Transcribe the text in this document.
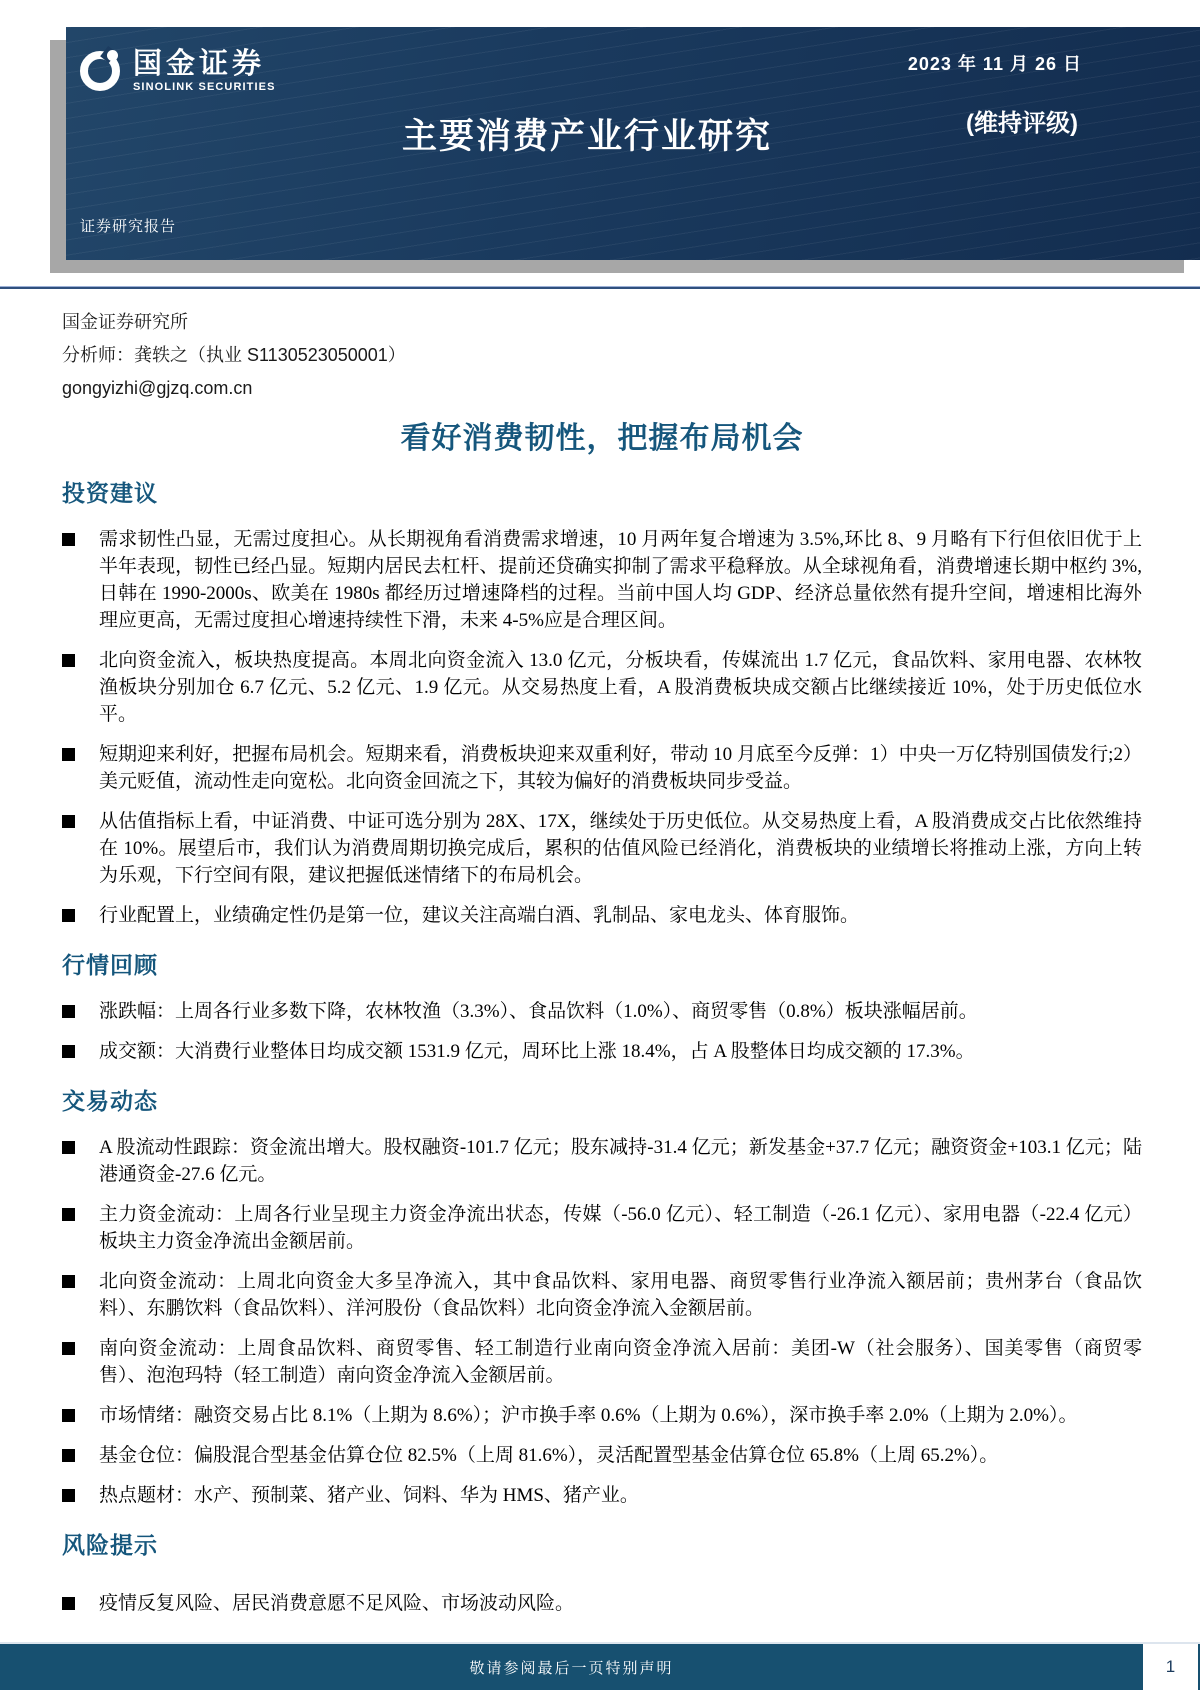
国金证券
SINOLINK SECURITIES
2023 年 11 月 26 日
主要消费产业行业研究	(维持评级)
证券研究报告
国金证券研究所
分析师：龚轶之（执业 S1130523050001）
gongyizhi@gjzq.com.cn
看好消费韧性，把握布局机会
投资建议
需求韧性凸显，无需过度担心。从长期视角看消费需求增速，10 月两年复合增速为 3.5%,环比 8、9 月略有下行但依旧优于上半年表现，韧性已经凸显。短期内居民去杠杆、提前还贷确实抑制了需求平稳释放。从全球视角看，消费增速长期中枢约 3%, 日韩在 1990-2000s、欧美在 1980s 都经历过增速降档的过程。当前中国人均 GDP、经济总量依然有提升空间，增速相比海外理应更高，无需过度担心增速持续性下滑，未来 4-5%应是合理区间。
北向资金流入，板块热度提高。本周北向资金流入 13.0 亿元，分板块看，传媒流出 1.7 亿元，食品饮料、家用电器、农林牧渔板块分别加仓 6.7 亿元、5.2 亿元、1.9 亿元。从交易热度上看，A 股消费板块成交额占比继续接近 10%，处于历史低位水平。
短期迎来利好，把握布局机会。短期来看，消费板块迎来双重利好，带动 10 月底至今反弹：1）中央一万亿特别国债发行;2）美元贬值，流动性走向宽松。北向资金回流之下，其较为偏好的消费板块同步受益。
从估值指标上看，中证消费、中证可选分别为 28X、17X，继续处于历史低位。从交易热度上看，A 股消费成交占比依然维持在 10%。展望后市，我们认为消费周期切换完成后，累积的估值风险已经消化，消费板块的业绩增长将推动上涨，方向上转为乐观，下行空间有限，建议把握低迷情绪下的布局机会。
行业配置上，业绩确定性仍是第一位，建议关注高端白酒、乳制品、家电龙头、体育服饰。
行情回顾
涨跌幅：上周各行业多数下降，农林牧渔（3.3%）、食品饮料（1.0%）、商贸零售（0.8%）板块涨幅居前。
成交额：大消费行业整体日均成交额 1531.9 亿元，周环比上涨 18.4%，占 A 股整体日均成交额的 17.3%。
交易动态
A 股流动性跟踪：资金流出增大。股权融资-101.7 亿元；股东减持-31.4 亿元；新发基金+37.7 亿元；融资资金+103.1 亿元；陆港通资金-27.6 亿元。
主力资金流动：上周各行业呈现主力资金净流出状态，传媒（-56.0 亿元）、轻工制造（-26.1 亿元）、家用电器（-22.4 亿元）板块主力资金净流出金额居前。
北向资金流动：上周北向资金大多呈净流入，其中食品饮料、家用电器、商贸零售行业净流入额居前；贵州茅台（食品饮料）、东鹏饮料（食品饮料）、洋河股份（食品饮料）北向资金净流入金额居前。
南向资金流动：上周食品饮料、商贸零售、轻工制造行业南向资金净流入居前：美团-W（社会服务）、国美零售（商贸零售）、泡泡玛特（轻工制造）南向资金净流入金额居前。
市场情绪：融资交易占比 8.1%（上期为 8.6%）；沪市换手率 0.6%（上期为 0.6%），深市换手率 2.0%（上期为 2.0%）。
基金仓位：偏股混合型基金估算仓位 82.5%（上周 81.6%），灵活配置型基金估算仓位 65.8%（上周 65.2%）。
热点题材：水产、预制菜、猪产业、饲料、华为 HMS、猪产业。
风险提示
疫情反复风险、居民消费意愿不足风险、市场波动风险。
敬请参阅最后一页特别声明	1
